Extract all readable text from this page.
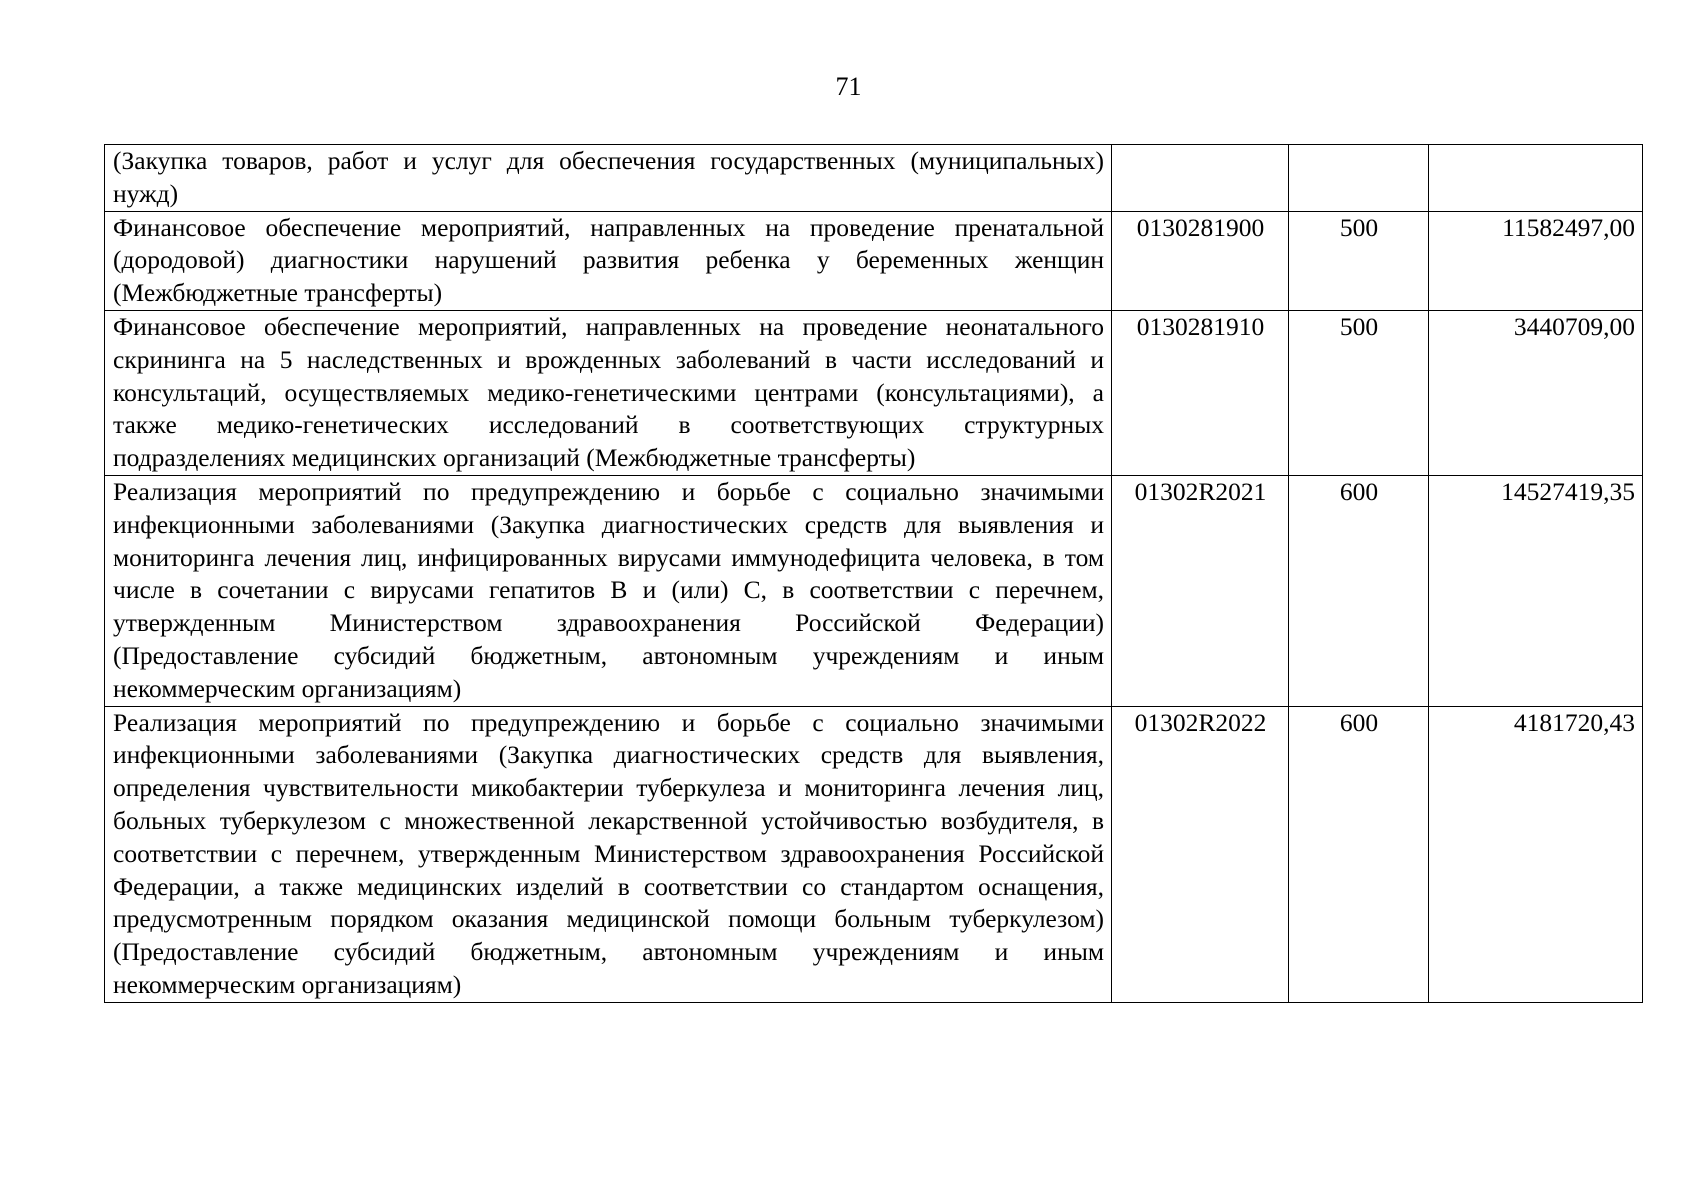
71
(Закупка товаров, работ и услуг для обеспечения государственных (муниципальных) нужд)			
Финансовое обеспечение мероприятий, направленных на проведение пренатальной (дородовой) диагностики нарушений развития ребенка у беременных женщин (Межбюджетные трансферты)	0130281900	500	11582497,00
Финансовое обеспечение мероприятий, направленных на проведение неонатального скрининга на 5 наследственных и врожденных заболеваний в части исследований и консультаций, осуществляемых медико-генетическими центрами (консультациями), а также медико-генетических исследований в соответствующих структурных подразделениях медицинских организаций (Межбюджетные трансферты)	0130281910	500	3440709,00
Реализация мероприятий по предупреждению и борьбе с социально значимыми инфекционными заболеваниями (Закупка диагностических средств для выявления и мониторинга лечения лиц, инфицированных вирусами иммунодефицита человека, в том числе в сочетании с вирусами гепатитов B и (или) C, в соответствии с перечнем, утвержденным Министерством здравоохранения Российской Федерации) (Предоставление субсидий бюджетным, автономным учреждениям и иным некоммерческим организациям)	01302R2021	600	14527419,35
Реализация мероприятий по предупреждению и борьбе с социально значимыми инфекционными заболеваниями (Закупка диагностических средств для выявления, определения чувствительности микобактерии туберкулеза и мониторинга лечения лиц, больных туберкулезом с множественной лекарственной устойчивостью возбудителя, в соответствии с перечнем, утвержденным Министерством здравоохранения Российской Федерации, а также медицинских изделий в соответствии со стандартом оснащения, предусмотренным порядком оказания медицинской помощи больным туберкулезом) (Предоставление субсидий бюджетным, автономным учреждениям и иным некоммерческим организациям)	01302R2022	600	4181720,43
